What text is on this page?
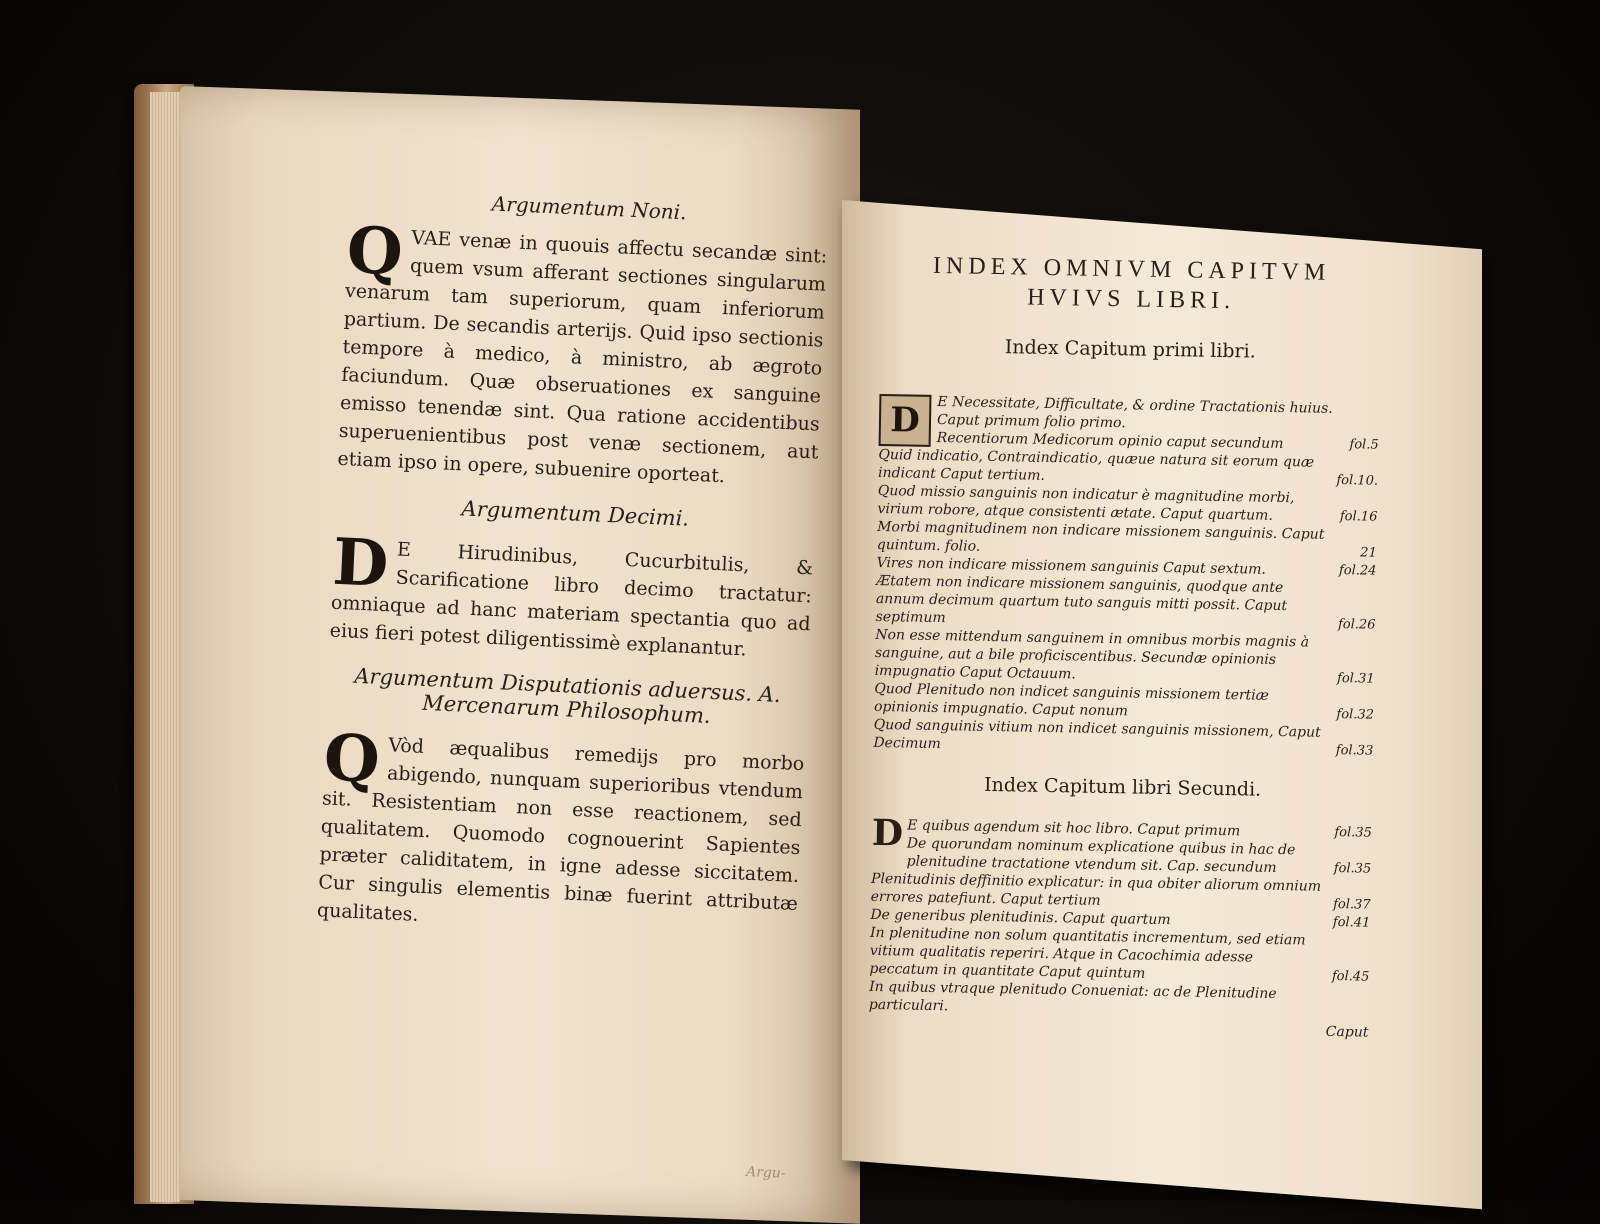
Argumentum Noni.
Q VAE venæ in quouis affectu secandæ sint: quem vsum afferant sectiones singularum venarum tam superiorum, quam inferiorum partium. De secandis arterijs. Quid ipso sectionis tempore à medico, à ministro, ab ægroto faciundum. Quæ obseruationes ex sanguine emisso tenendæ sint. Qua ratione accidentibus superuenientibus post venæ sectionem, aut etiam ipso in opere, subuenire oporteat.
Argumentum Decimi.
D E Hirudinibus, Cucurbitulis, & Scarificatione libro decimo tractatur: omniaque ad hanc materiam spectantia quo ad eius fieri potest diligentissimè explanantur.
Argumentum Disputationis aduersus. A. Mercenarum Philosophum.
Q Vòd æqualibus remedijs pro morbo abigendo, nunquam superioribus vtendum sit. Resistentiam non esse reactionem, sed qualitatem. Quomodo cognouerint Sapientes præter caliditatem, in igne adesse siccitatem. Cur singulis elementis binæ fuerint attributæ qualitates.
Argu-
INDEX OMNIVM CAPITVM
HVIVS LIBRI.
Index Capitum primi libri.
D	E Necessitate, Difficultate, & ordine Tractationis huius. Caput primum folio primo.
Recentiorum Medicorum opinio caput secundum	fol.5
Quid indicatio, Contraindicatio, quæue natura sit eorum quæ indicant Caput tertium.	fol.10.
Quod missio sanguinis non indicatur è magnitudine morbi, virium robore, atque consistenti ætate. Caput quartum.	fol.16
Morbi magnitudinem non indicare missionem sanguinis. Caput quintum. folio.	21
Vires non indicare missionem sanguinis Caput sextum.	fol.24
Ætatem non indicare missionem sanguinis, quodque ante annum decimum quartum tuto sanguis mitti possit. Caput septimum	fol.26
Non esse mittendum sanguinem in omnibus morbis magnis à sanguine, aut a bile proficiscentibus. Secundæ opinionis impugnatio Caput Octauum.	fol.31
Quod Plenitudo non indicet sanguinis missionem tertiæ opinionis impugnatio. Caput nonum	fol.32
Quod sanguinis vitium non indicet sanguinis missionem, Caput Decimum	fol.33
Index Capitum libri Secundi.
D E quibus agendum sit hoc libro. Caput primum	fol.35
De quorundam nominum explicatione quibus in hac de plenitudine tractatione vtendum sit. Cap. secundum	fol.35
Plenitudinis deffinitio explicatur: in qua obiter aliorum omnium errores patefiunt. Caput tertium	fol.37
De generibus plenitudinis. Caput quartum	fol.41
In plenitudine non solum quantitatis incrementum, sed etiam vitium qualitatis reperiri. Atque in Cacochimia adesse peccatum in quantitate Caput quintum	fol.45
In quibus vtraque plenitudo Conueniat: ac de Plenitudine particulari.
Caput
